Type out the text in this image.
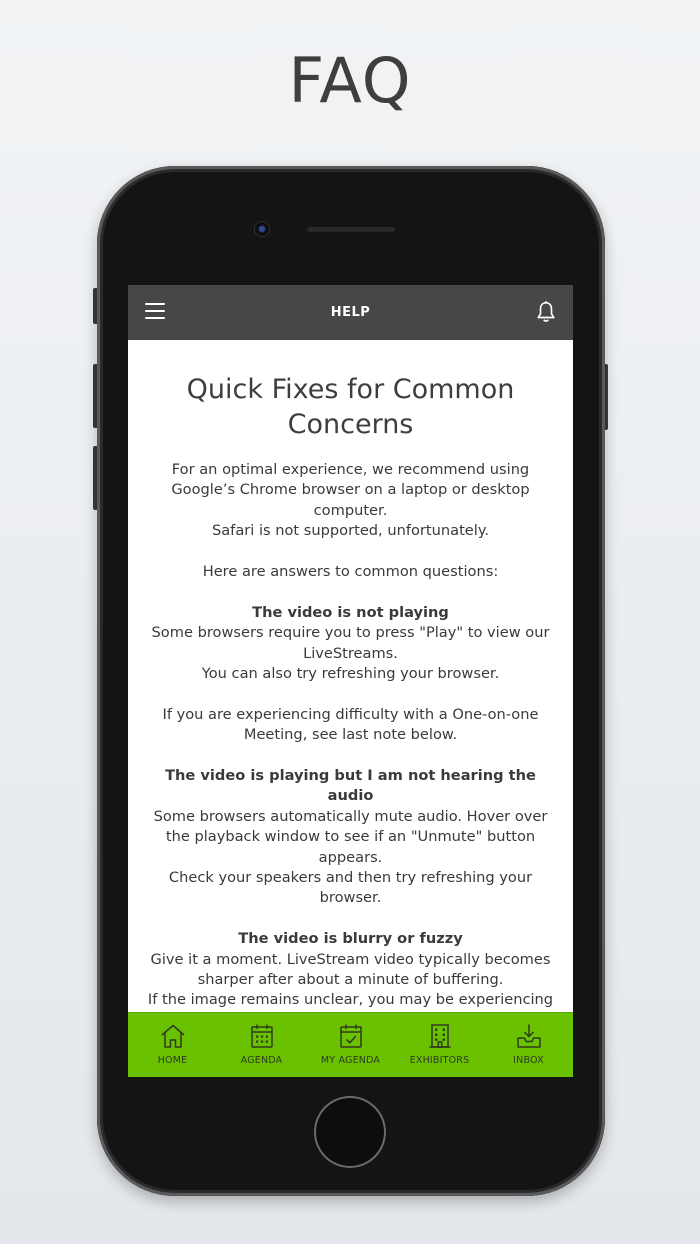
FAQ
HELP
Quick Fixes for Common Concerns

For an optimal experience, we recommend using Google’s Chrome browser on a laptop or desktop computer.

Safari is not supported, unfortunately.

Here are answers to common questions:

The video is not playing

Some browsers require you to press "Play" to view our LiveStreams.

You can also try refreshing your browser.

If you are experiencing difficulty with a One-on-one Meeting, see last note below.

The video is playing but I am not hearing the audio

Some browsers automatically mute audio. Hover over the playback window to see if an "Unmute" button appears.

Check your speakers and then try refreshing your browser.

The video is blurry or fuzzy

Give it a moment. LiveStream video typically becomes sharper after about a minute of buffering.

If the image remains unclear, you may be experiencing

HOME	AGENDA	MY AGENDA	EXHIBITORS	INBOX
